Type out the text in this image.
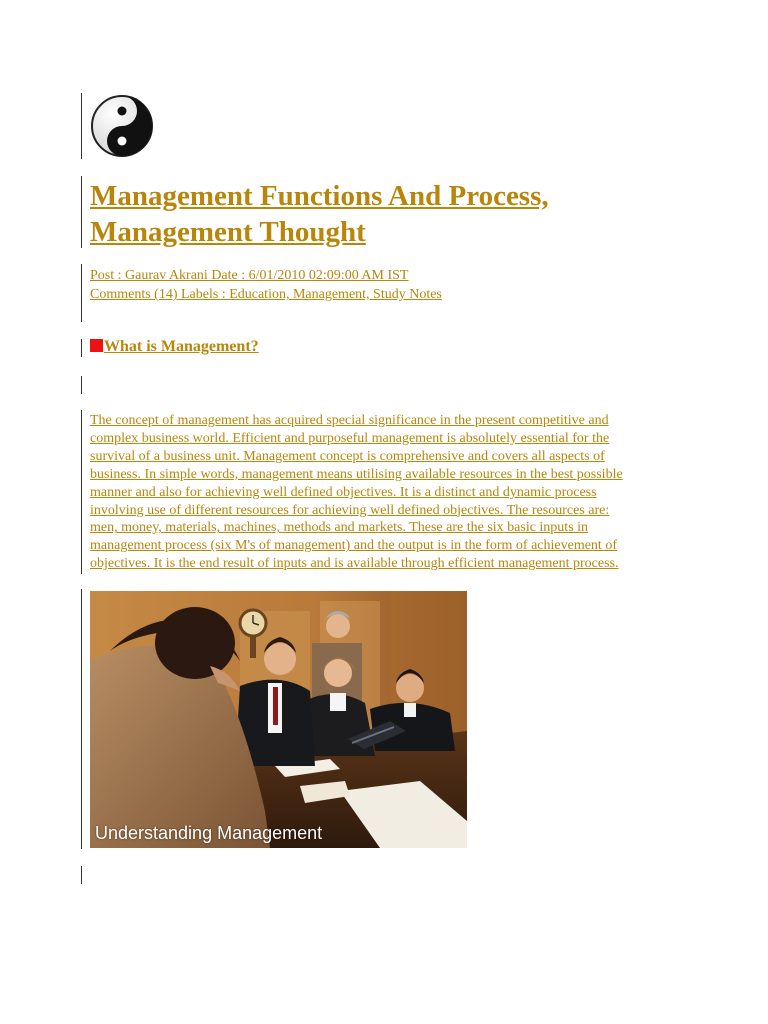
Management Functions And Process,
Management Thought
Post : Gaurav Akrani Date : 6/01/2010 02:09:00 AM IST
Comments (14) Labels : Education, Management, Study Notes
What is Management?
The concept of management has acquired special significance in the present competitive and
complex business world. Efficient and purposeful management is absolutely essential for the
survival of a business unit. Management concept is comprehensive and covers all aspects of
business. In simple words, management means utilising available resources in the best possible
manner and also for achieving well defined objectives. It is a distinct and dynamic process
involving use of different resources for achieving well defined objectives. The resources are:
men, money, materials, machines, methods and markets. These are the six basic inputs in
management process (six M's of management) and the output is in the form of achievement of
objectives. It is the end result of inputs and is available through efficient management process.
Understanding Management
